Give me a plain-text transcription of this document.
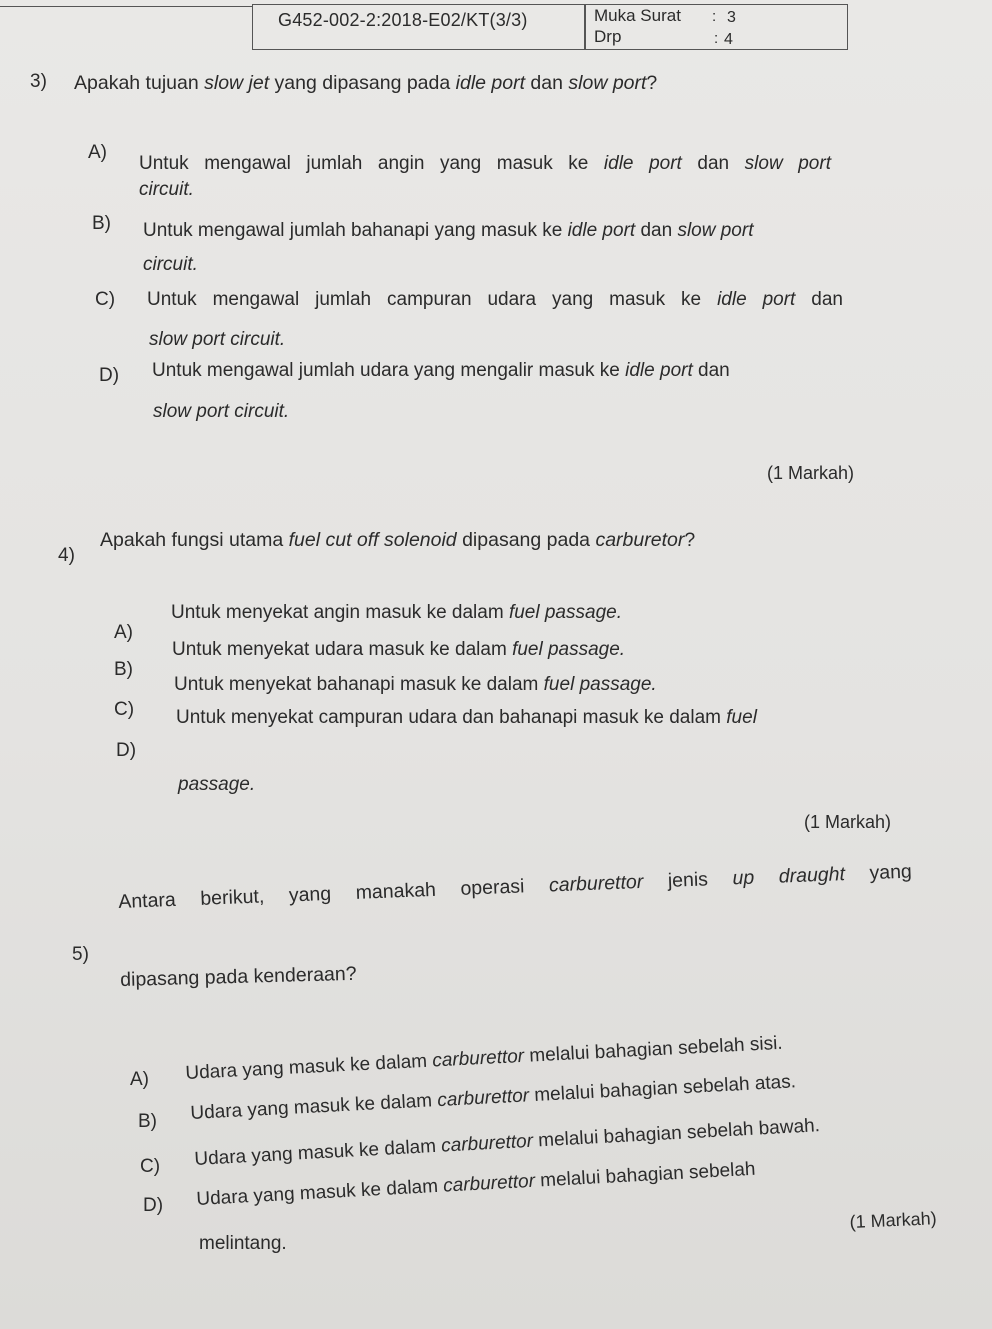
G452-002-2:2018-E02/KT(3/3)	Muka Surat : 3
Drp	: 4
3) Apakah tujuan slow jet yang dipasang pada idle port dan slow port?
A)
Untuk mengawal jumlah angin yang masuk ke idle port dan slow port
circuit.
B) Untuk mengawal jumlah bahanapi yang masuk ke idle port dan slow port
circuit.
C) Untuk mengawal jumlah campuran udara yang masuk ke idle port dan
slow port circuit.
D) Untuk mengawal jumlah udara yang mengalir masuk ke idle port dan
slow port circuit.
(1 Markah)
4)
Apakah fungsi utama fuel cut off solenoid dipasang pada carburetor?
A)
Untuk menyekat angin masuk ke dalam fuel passage.
B)
Untuk menyekat udara masuk ke dalam fuel passage.
C)
Untuk menyekat bahanapi masuk ke dalam fuel passage.
D)
Untuk menyekat campuran udara dan bahanapi masuk ke dalam fuel
passage.
(1 Markah)
5)
Antara berikut, yang manakah operasi carburettor jenis up draught yang
dipasang pada kenderaan?
A) Udara yang masuk ke dalam carburettor melalui bahagian sebelah sisi.
B) Udara yang masuk ke dalam carburettor melalui bahagian sebelah atas.
C) Udara yang masuk ke dalam carburettor melalui bahagian sebelah bawah.
D) Udara yang masuk ke dalam carburettor melalui bahagian sebelah
melintang.
(1 Markah)
